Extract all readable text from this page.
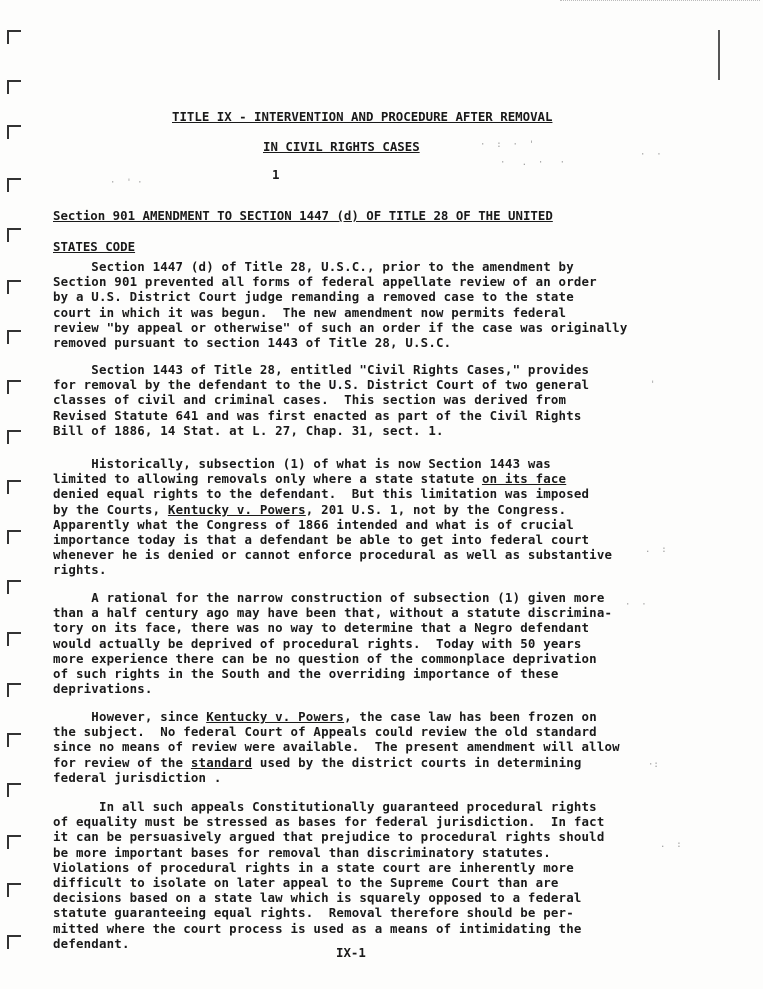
·  :  ·  '
·   .  ·   ·
·  ' ·
·  ·
'
.  :
·  ·
·:
.  :
TITLE IX - INTERVENTION AND PROCEDURE AFTER REMOVAL
IN CIVIL RIGHTS CASES
1
Section 901 AMENDMENT TO SECTION 1447 (d) OF TITLE 28 OF THE UNITED
STATES CODE
Section 1447 (d) of Title 28, U.S.C., prior to the amendment by
Section 901 prevented all forms of federal appellate review of an order
by a U.S. District Court judge remanding a removed case to the state
court in which it was begun.  The new amendment now permits federal
review "by appeal or otherwise" of such an order if the case was originally
removed pursuant to section 1443 of Title 28, U.S.C.
Section 1443 of Title 28, entitled "Civil Rights Cases," provides
for removal by the defendant to the U.S. District Court of two general
classes of civil and criminal cases.  This section was derived from
Revised Statute 641 and was first enacted as part of the Civil Rights
Bill of 1886, 14 Stat. at L. 27, Chap. 31, sect. 1.
Historically, subsection (1) of what is now Section 1443 was
limited to allowing removals only where a state statute on its face
denied equal rights to the defendant.  But this limitation was imposed
by the Courts, Kentucky v. Powers, 201 U.S. 1, not by the Congress.
Apparently what the Congress of 1866 intended and what is of crucial
importance today is that a defendant be able to get into federal court
whenever he is denied or cannot enforce procedural as well as substantive
rights.
A rational for the narrow construction of subsection (1) given more
than a half century ago may have been that, without a statute discrimina-
tory on its face, there was no way to determine that a Negro defendant
would actually be deprived of procedural rights.  Today with 50 years
more experience there can be no question of the commonplace deprivation
of such rights in the South and the overriding importance of these
deprivations.
However, since Kentucky v. Powers, the case law has been frozen on
the subject.  No federal Court of Appeals could review the old standard
since no means of review were available.  The present amendment will allow
for review of the standard used by the district courts in determining
federal jurisdiction .
In all such appeals Constitutionally guaranteed procedural rights
of equality must be stressed as bases for federal jurisdiction.  In fact
it can be persuasively argued that prejudice to procedural rights should
be more important bases for removal than discriminatory statutes.
Violations of procedural rights in a state court are inherently more
difficult to isolate on later appeal to the Supreme Court than are
decisions based on a state law which is squarely opposed to a federal
statute guaranteeing equal rights.  Removal therefore should be per-
mitted where the court process is used as a means of intimidating the
defendant.
IX-1
